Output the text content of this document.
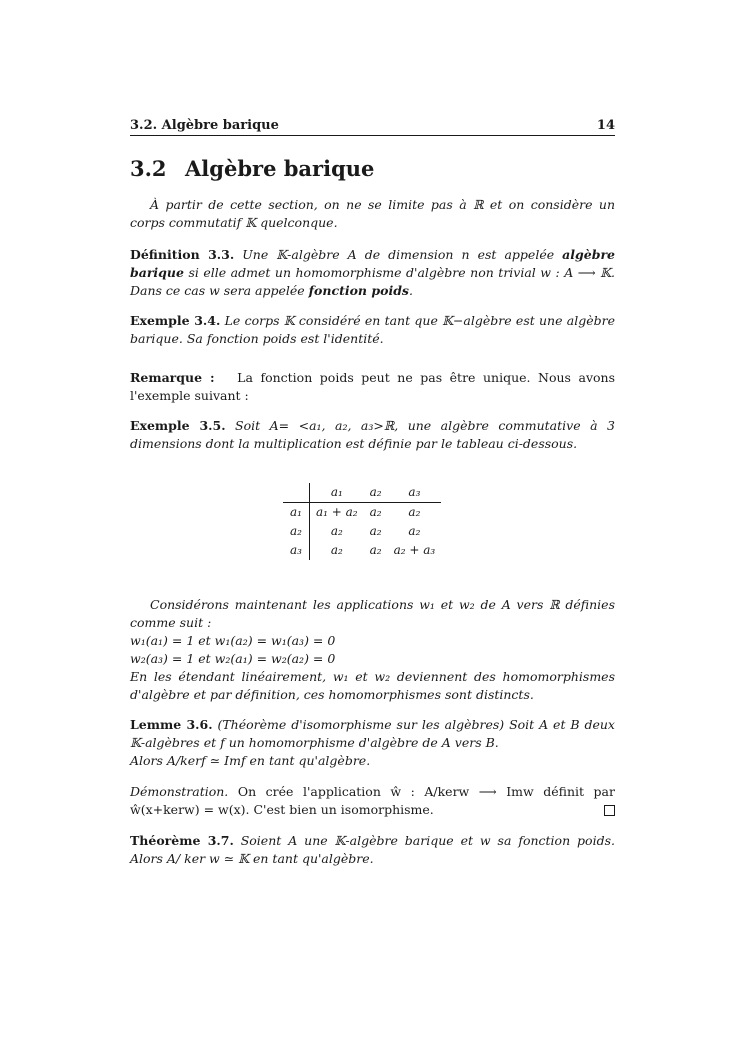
3.2. Algèbre barique	14
3.2 Algèbre barique
À partir de cette section, on ne se limite pas à ℝ et on considère un corps commutatif 𝕂 quelconque.
Définition 3.3. Une 𝕂-algèbre A de dimension n est appelée algèbre barique si elle admet un homomorphisme d'algèbre non trivial w : A ⟶ 𝕂. Dans ce cas w sera appelée fonction poids.
Exemple 3.4. Le corps 𝕂 considéré en tant que 𝕂−algèbre est une algèbre barique. Sa fonction poids est l'identité.
Remarque : La fonction poids peut ne pas être unique. Nous avons l'exemple suivant :
Exemple 3.5. Soit A= <a₁, a₂, a₃>ℝ, une algèbre commutative à 3 dimensions dont la multiplication est définie par le tableau ci-dessous.
	a₁	a₂	a₃
a₁	a₁ + a₂	a₂	a₂
a₂	a₂	a₂	a₂
a₃	a₂	a₂	a₂ + a₃
Considérons maintenant les applications w₁ et w₂ de A vers ℝ définies comme suit :
w₁(a₁) = 1 et w₁(a₂) = w₁(a₃) = 0
w₂(a₃) = 1 et w₂(a₁) = w₂(a₂) = 0
En les étendant linéairement, w₁ et w₂ deviennent des homomorphismes d'algèbre et par définition, ces homomorphismes sont distincts.
Lemme 3.6. (Théorème d'isomorphisme sur les algèbres) Soit A et B deux 𝕂-algèbres et f un homomorphisme d'algèbre de A vers B.
Alors A/kerf ≃ Imf en tant qu'algèbre.
Démonstration. On crée l'application ŵ : A/kerw ⟶ Imw définit par ŵ(x+kerw) = w(x). C'est bien un isomorphisme.
Théorème 3.7. Soient A une 𝕂-algèbre barique et w sa fonction poids. Alors A/ ker w ≃ 𝕂 en tant qu'algèbre.
